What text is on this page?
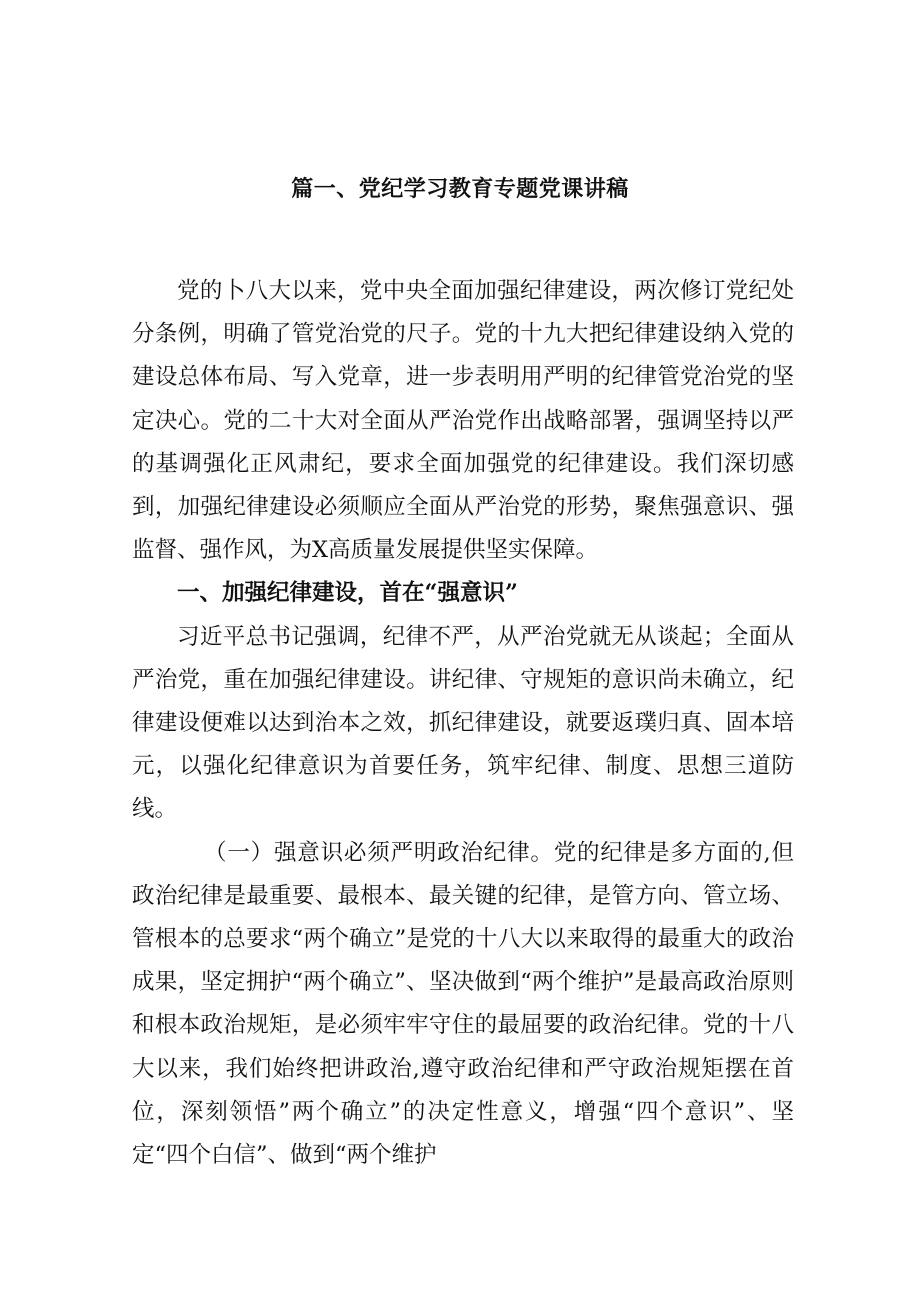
篇一、党纪学习教育专题党课讲稿

党的卜八大以来，党中央全面加强纪律建设，两次修订党纪处分条例，明确了管党治党的尺子。党的十九大把纪律建设纳入党的建设总体布局、写入党章，进一步表明用严明的纪律管党治党的坚定决心。党的二十大对全面从严治党作出战略部署，强调坚持以严的基调强化正风肃纪，要求全面加强党的纪律建设。我们深切感到，加强纪律建设必须顺应全面从严治党的形势，聚焦强意识、强监督、强作风，为X高质量发展提供坚实保障。

一、加强纪律建设，首在“强意识”

习近平总书记强调，纪律不严，从严治党就无从谈起；全面从严治党，重在加强纪律建设。讲纪律、守规矩的意识尚未确立，纪律建设便难以达到治本之效，抓纪律建设，就要返璞归真、固本培元，以强化纪律意识为首要任务，筑牢纪律、制度、思想三道防线。

（一）强意识必须严明政治纪律。党的纪律是多方面的,但政治纪律是最重要、最根本、最关键的纪律，是管方向、管立场、管根本的总要求“两个确立”是党的十八大以来取得的最重大的政治成果，坚定拥护“两个确立”、坚决做到“两个维护”是最高政治原则和根本政治规矩，是必须牢牢守住的最屈要的政治纪律。党的十八大以来，我们始终把讲政治,遵守政治纪律和严守政治规矩摆在首位，深刻领悟”两个确立”的决定性意义，增强“四个意识”、坚定“四个白信”、做到“两个维护
